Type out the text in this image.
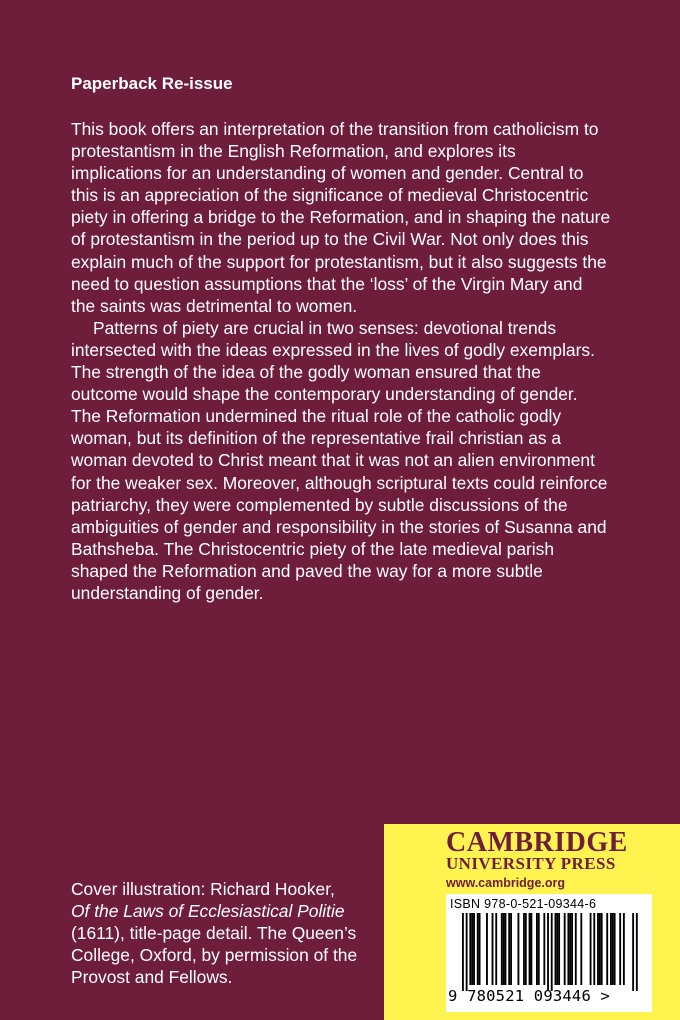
Paperback Re-issue

This book offers an interpretation of the transition from catholicism to protestantism in the English Reformation, and explores its implications for an understanding of women and gender. Central to this is an appreciation of the significance of medieval Christocentric piety in offering a bridge to the Reformation, and in shaping the nature of protestantism in the period up to the Civil War. Not only does this explain much of the support for protestantism, but it also suggests the need to question assumptions that the ‘loss’ of the Virgin Mary and the saints was detrimental to women.

Patterns of piety are crucial in two senses: devotional trends intersected with the ideas expressed in the lives of godly exemplars. The strength of the idea of the godly woman ensured that the outcome would shape the contemporary understanding of gender. The Reformation undermined the ritual role of the catholic godly woman, but its definition of the representative frail christian as a woman devoted to Christ meant that it was not an alien environment for the weaker sex. Moreover, although scriptural texts could reinforce patriarchy, they were complemented by subtle discussions of the ambiguities of gender and responsibility in the stories of Susanna and Bathsheba. The Christocentric piety of the late medieval parish shaped the Reformation and paved the way for a more subtle understanding of gender.

Cover illustration: Richard Hooker,
Of the Laws of Ecclesiastical Politie
(1611), title-page detail. The Queen’s College, Oxford, by permission of the Provost and Fellows.
CAMBRIDGE
UNIVERSITY PRESS
www.cambridge.org
ISBN 978-0-521-09344-6
9 780521 093446 >
